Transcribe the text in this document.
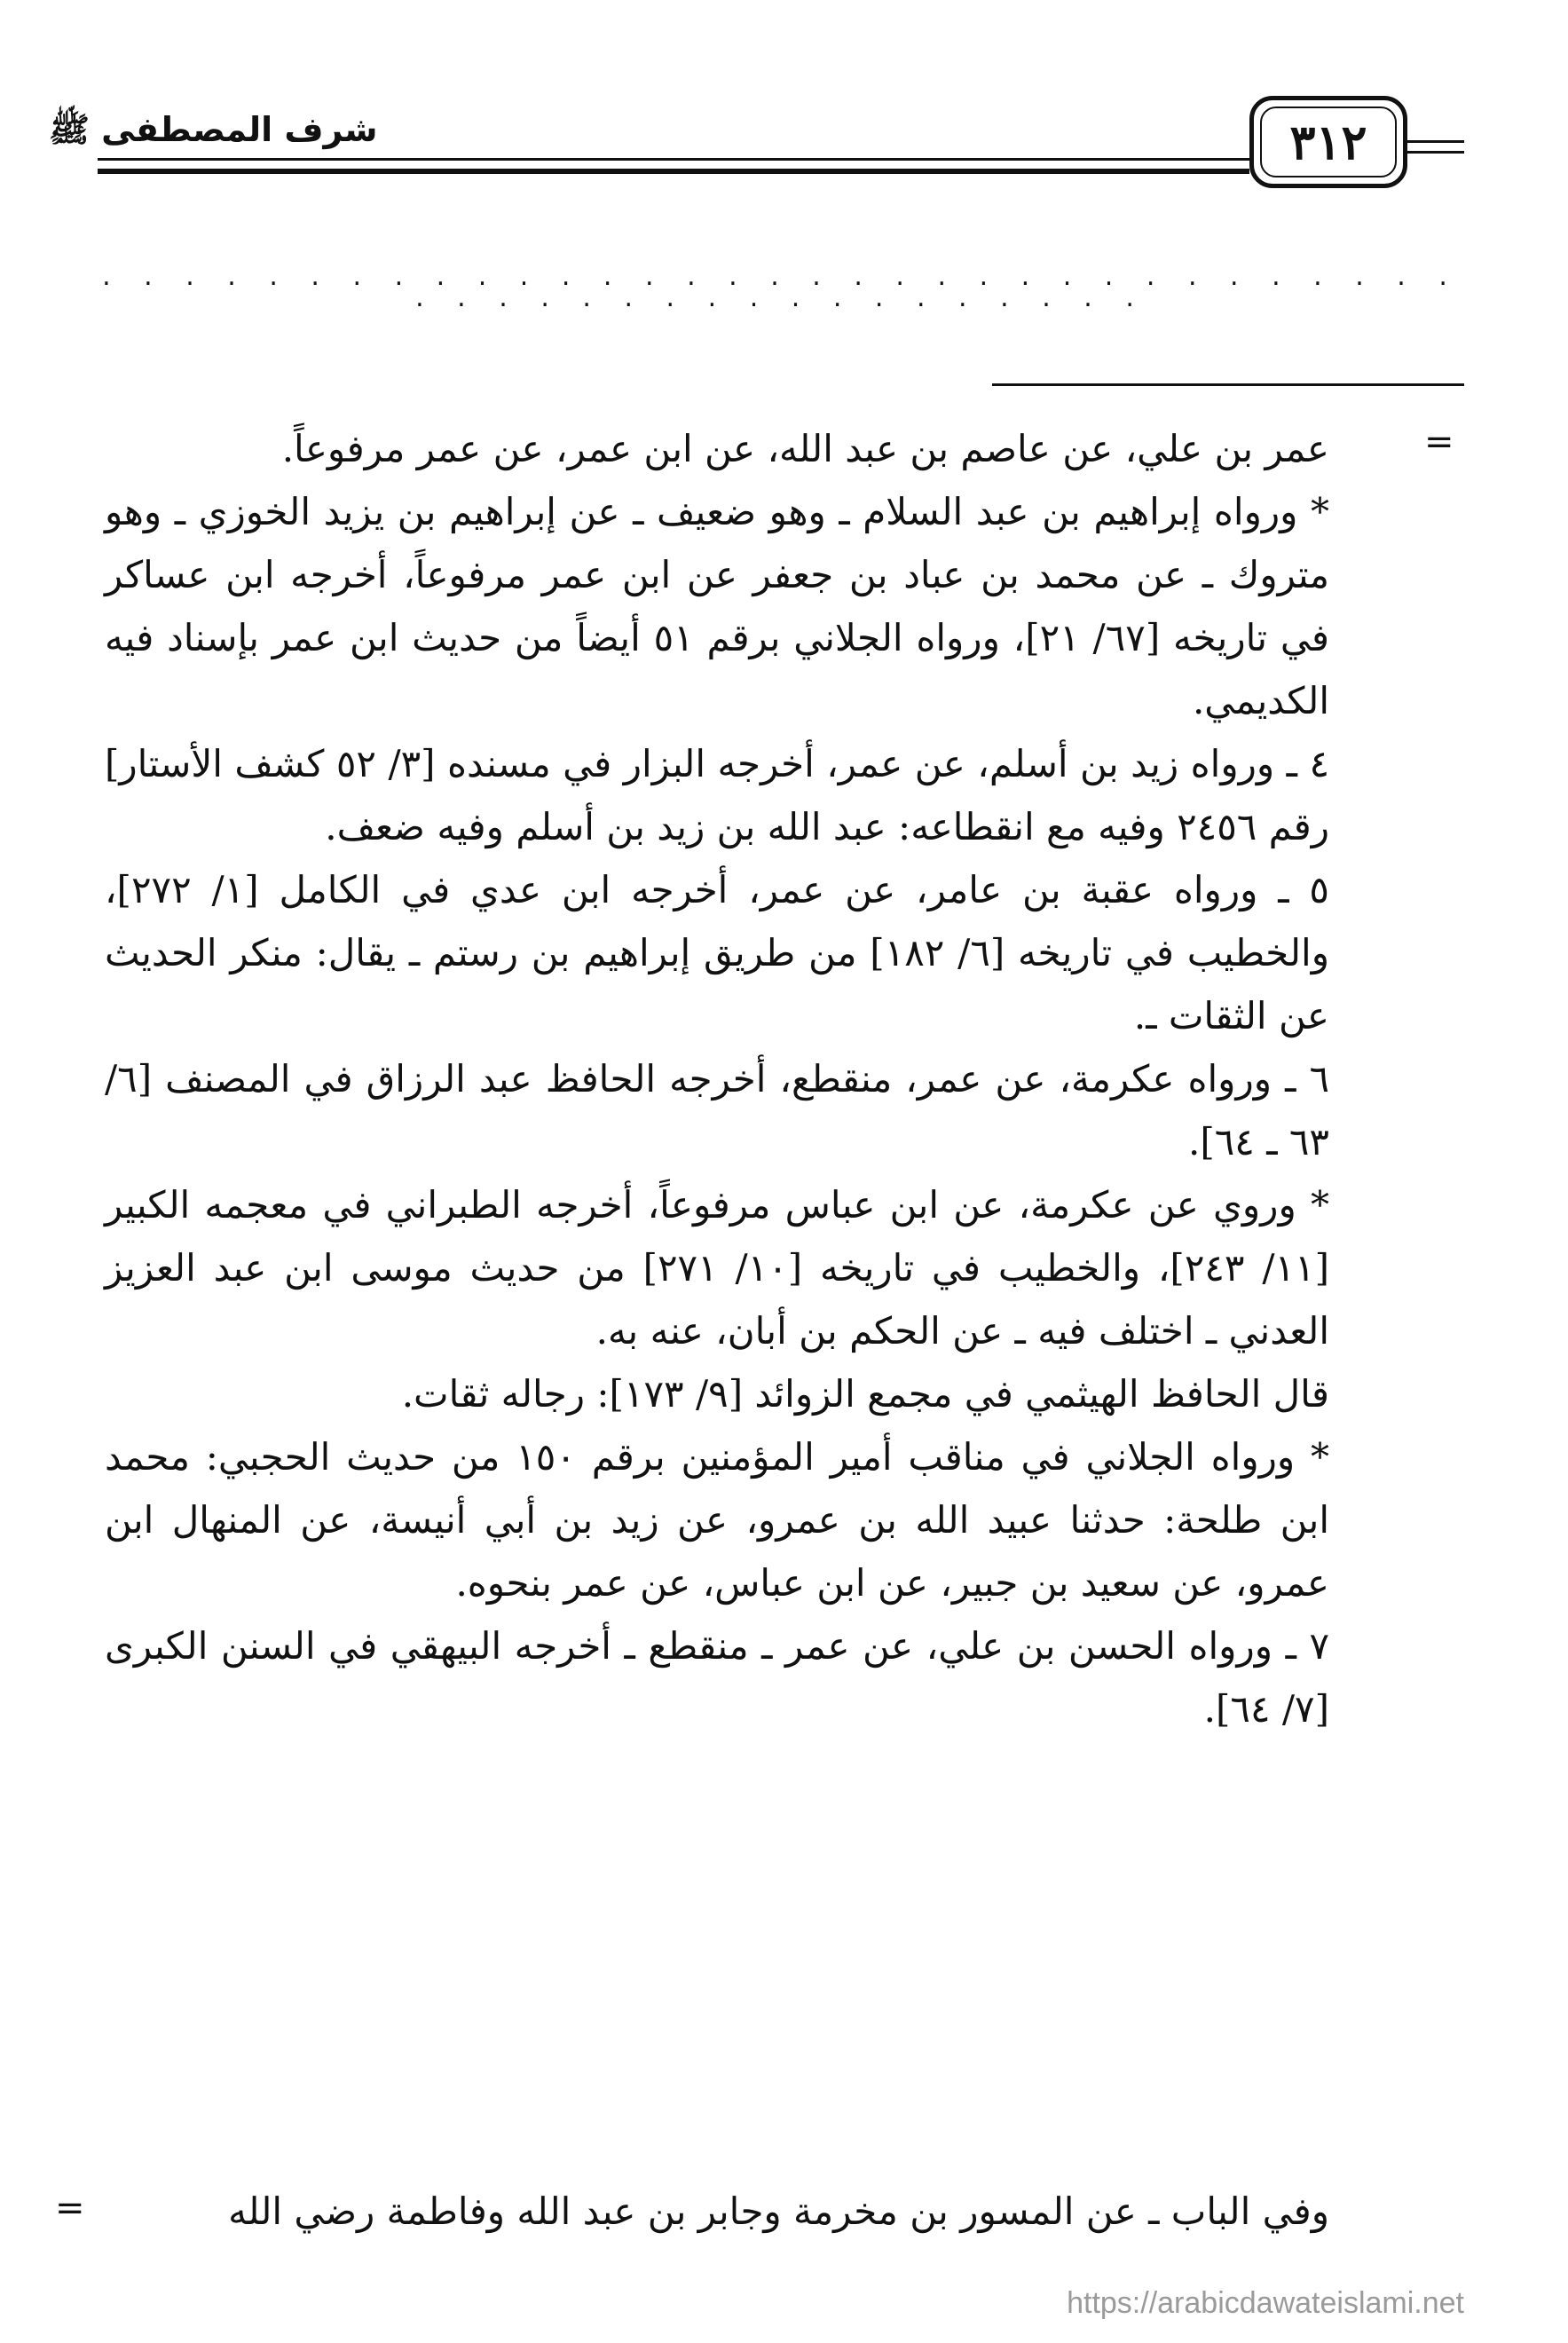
٣١٢
شرف المصطفى ﷺ
. . . . . . . . . . . . . . . . . . . . . . . . . . . . . . . . . . . . . . . . . . . . . . . . . . .
=

عمر بن علي، عن عاصم بن عبد الله، عن ابن عمر، عن عمر مرفوعاً.

* ورواه إبراهيم بن عبد السلام ـ وهو ضعيف ـ عن إبراهيم بن يزيد الخوزي ـ وهو متروك ـ عن محمد بن عباد بن جعفر عن ابن عمر مرفوعاً، أخرجه ابن عساكر في تاريخه [٦٧/ ٢١]، ورواه الجلاني برقم ٥١ أيضاً من حديث ابن عمر بإسناد فيه الكديمي.

٤ ـ ورواه زيد بن أسلم، عن عمر، أخرجه البزار في مسنده [٣/ ٥٢ كشف الأستار] رقم ٢٤٥٦ وفيه مع انقطاعه: عبد الله بن زيد بن أسلم وفيه ضعف.

٥ ـ ورواه عقبة بن عامر، عن عمر، أخرجه ابن عدي في الكامل [١/ ٢٧٢]، والخطيب في تاريخه [٦/ ١٨٢] من طريق إبراهيم بن رستم ـ يقال: منكر الحديث عن الثقات ـ.

٦ ـ ورواه عكرمة، عن عمر، منقطع، أخرجه الحافظ عبد الرزاق في المصنف [٦/ ٦٣ ـ ٦٤].

* وروي عن عكرمة، عن ابن عباس مرفوعاً، أخرجه الطبراني في معجمه الكبير [١١/ ٢٤٣]، والخطيب في تاريخه [١٠/ ٢٧١] من حديث موسى ابن عبد العزيز العدني ـ اختلف فيه ـ عن الحكم بن أبان، عنه به.

قال الحافظ الهيثمي في مجمع الزوائد [٩/ ١٧٣]: رجاله ثقات.

* ورواه الجلاني في مناقب أمير المؤمنين برقم ١٥٠ من حديث الحجبي: محمد ابن طلحة: حدثنا عبيد الله بن عمرو، عن زيد بن أبي أنيسة، عن المنهال ابن عمرو، عن سعيد بن جبير، عن ابن عباس، عن عمر بنحوه.

٧ ـ ورواه الحسن بن علي، عن عمر ـ منقطع ـ أخرجه البيهقي في السنن الكبرى [٧/ ٦٤].

وفي الباب ـ عن المسور بن مخرمة وجابر بن عبد الله وفاطمة رضي الله
=
https://arabicdawateislami.net
